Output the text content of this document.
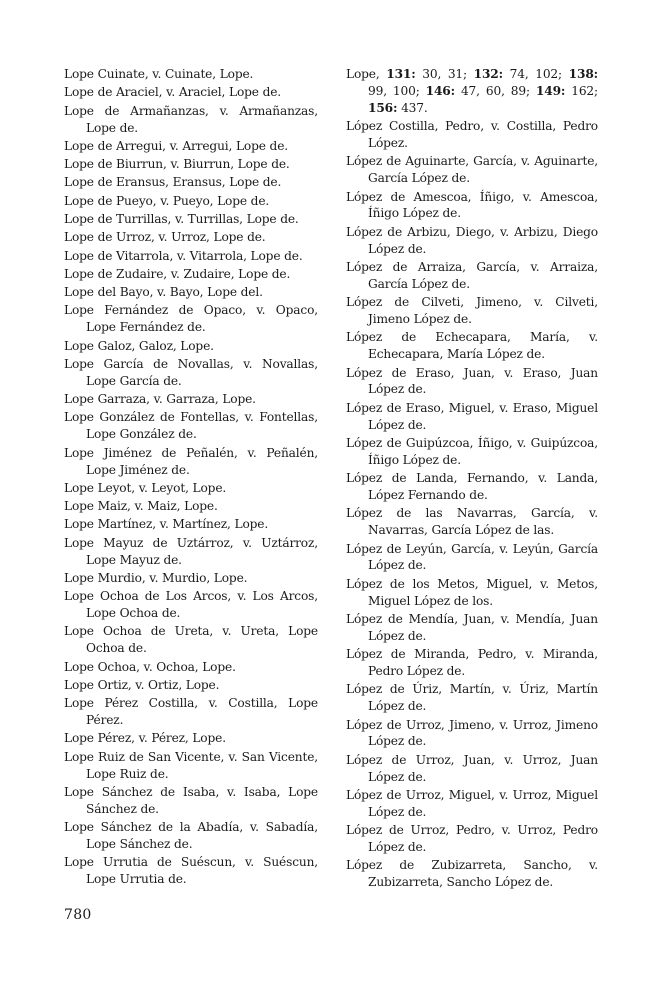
Lope Cuinate, v. Cuinate, Lope.
Lope de Araciel, v. Araciel, Lope de.
Lope de Armañanzas, v. Armañanzas, Lope de.
Lope de Arregui, v. Arregui, Lope de.
Lope de Biurrun, v. Biurrun, Lope de.
Lope de Eransus, Eransus, Lope de.
Lope de Pueyo, v. Pueyo, Lope de.
Lope de Turrillas, v. Turrillas, Lope de.
Lope de Urroz, v. Urroz, Lope de.
Lope de Vitarrola, v. Vitarrola, Lope de.
Lope de Zudaire, v. Zudaire, Lope de.
Lope del Bayo, v. Bayo, Lope del.
Lope Fernández de Opaco, v. Opaco, Lope Fernández de.
Lope Galoz, Galoz, Lope.
Lope García de Novallas, v. Novallas, Lope García de.
Lope Garraza, v. Garraza, Lope.
Lope González de Fontellas, v. Fontellas, Lope González de.
Lope Jiménez de Peñalén, v. Peñalén, Lope Jiménez de.
Lope Leyot, v. Leyot, Lope.
Lope Maiz, v. Maiz, Lope.
Lope Martínez, v. Martínez, Lope.
Lope Mayuz de Uztárroz, v. Uztárroz, Lope Mayuz de.
Lope Murdio, v. Murdio, Lope.
Lope Ochoa de Los Arcos, v. Los Arcos, Lope Ochoa de.
Lope Ochoa de Ureta, v. Ureta, Lope Ochoa de.
Lope Ochoa, v. Ochoa, Lope.
Lope Ortiz, v. Ortiz, Lope.
Lope Pérez Costilla, v. Costilla, Lope Pérez.
Lope Pérez, v. Pérez, Lope.
Lope Ruiz de San Vicente, v. San Vicente, Lope Ruiz de.
Lope Sánchez de Isaba, v. Isaba, Lope Sánchez de.
Lope Sánchez de la Abadía, v. Sabadía, Lope Sánchez de.
Lope Urrutia de Suéscun, v. Suéscun, Lope Urrutia de.
Lope, 131: 30, 31; 132: 74, 102; 138: 99, 100; 146: 47, 60, 89; 149: 162; 156: 437.
López Costilla, Pedro, v. Costilla, Pedro López.
López de Aguinarte, García, v. Aguinarte, García López de.
López de Amescoa, Íñigo, v. Amescoa, Íñigo López de.
López de Arbizu, Diego, v. Arbizu, Diego López de.
López de Arraiza, García, v. Arraiza, García López de.
López de Cilveti, Jimeno, v. Cilveti, Jimeno López de.
López de Echecapara, María, v. Echecapara, María López de.
López de Eraso, Juan, v. Eraso, Juan López de.
López de Eraso, Miguel, v. Eraso, Miguel López de.
López de Guipúzcoa, Íñigo, v. Guipúzcoa, Íñigo López de.
López de Landa, Fernando, v. Landa, López Fernando de.
López de las Navarras, García, v. Navarras, García López de las.
López de Leyún, García, v. Leyún, García López de.
López de los Metos, Miguel, v. Metos, Miguel López de los.
López de Mendía, Juan, v. Mendía, Juan López de.
López de Miranda, Pedro, v. Miranda, Pedro López de.
López de Úriz, Martín, v. Úriz, Martín López de.
López de Urroz, Jimeno, v. Urroz, Jimeno López de.
López de Urroz, Juan, v. Urroz, Juan López de.
López de Urroz, Miguel, v. Urroz, Miguel López de.
López de Urroz, Pedro, v. Urroz, Pedro López de.
López de Zubizarreta, Sancho, v. Zubizarreta, Sancho López de.
780
